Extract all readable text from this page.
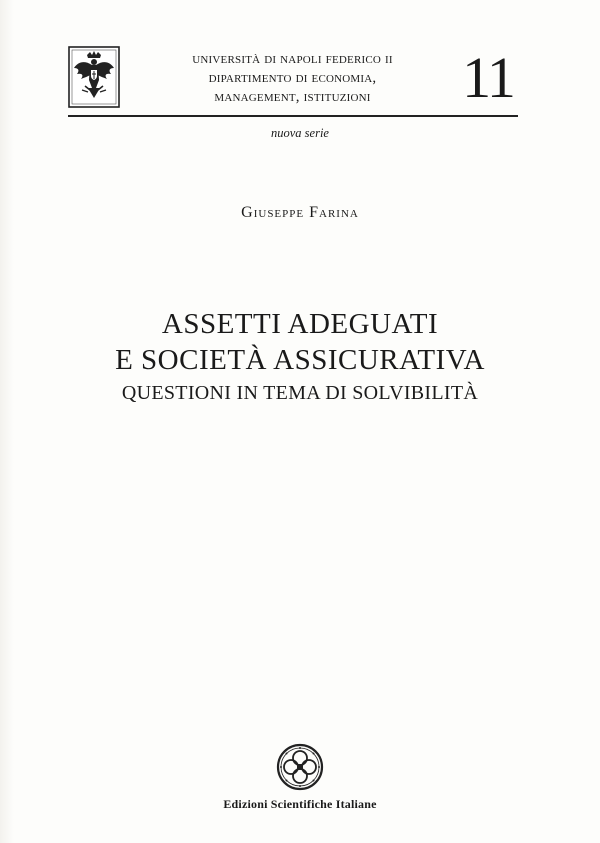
università di napoli federico ii
dipartimento di economia,
management, istituzioni	11
nuova serie
Giuseppe Farina
ASSETTI ADEGUATI
E SOCIETÀ ASSICURATIVA
QUESTIONI IN TEMA DI SOLVIBILITÀ
Edizioni Scientifiche Italiane
